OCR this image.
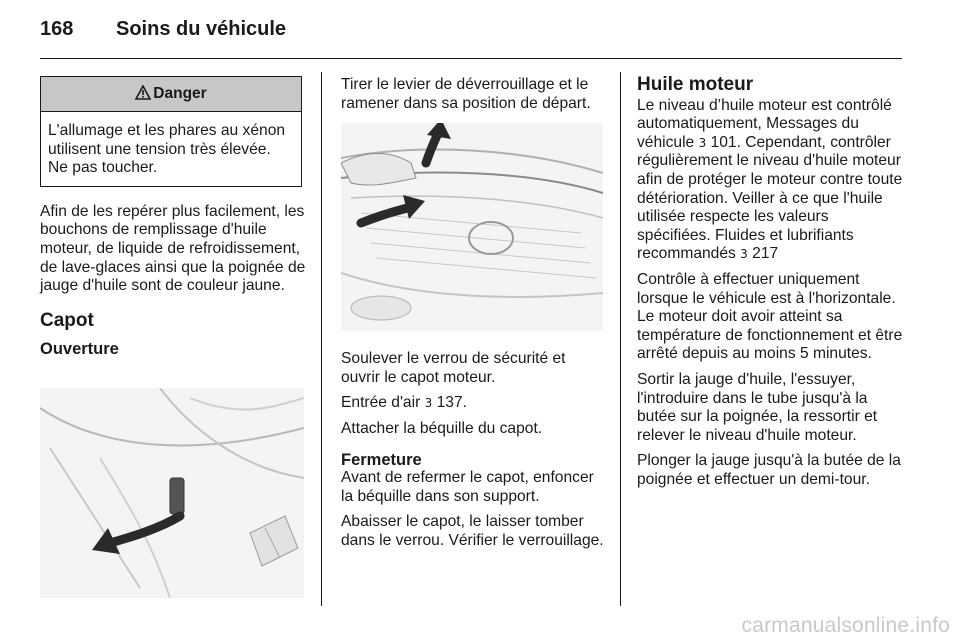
168 Soins du véhicule
Danger
L'allumage et les phares au xénon utilisent une tension très élevée. Ne pas toucher.

Afin de les repérer plus facilement, les bouchons de remplissage d'huile moteur, de liquide de refroidissement, de lave-glaces ainsi que la poignée de jauge d'huile sont de couleur jaune.

Capot
Ouverture

Tirer le levier de déverrouillage et le ramener dans sa position de départ.

Soulever le verrou de sécurité et ouvrir le capot moteur.

Entrée d'air 3 137.

Attacher la béquille du capot.

Fermeture

Avant de refermer le capot, enfoncer la béquille dans son support.

Abaisser le capot, le laisser tomber dans le verrou. Vérifier le verrouillage.

Huile moteur

Le niveau d’huile moteur est contrôlé automatiquement, Messages du véhicule 3 101. Cependant, contrôler régulièrement le niveau d'huile moteur afin de protéger le moteur contre toute détérioration. Veiller à ce que l'huile utilisée respecte les valeurs spécifiées. Fluides et lubrifiants recommandés 3 217

Contrôle à effectuer uniquement lorsque le véhicule est à l'horizontale. Le moteur doit avoir atteint sa température de fonctionnement et être arrêté depuis au moins 5 minutes.

Sortir la jauge d'huile, l'essuyer, l'introduire dans le tube jusqu'à la butée sur la poignée, la ressortir et relever le niveau d'huile moteur.

Plonger la jauge jusqu'à la butée de la poignée et effectuer un demi-tour.

carmanualsonline.info
